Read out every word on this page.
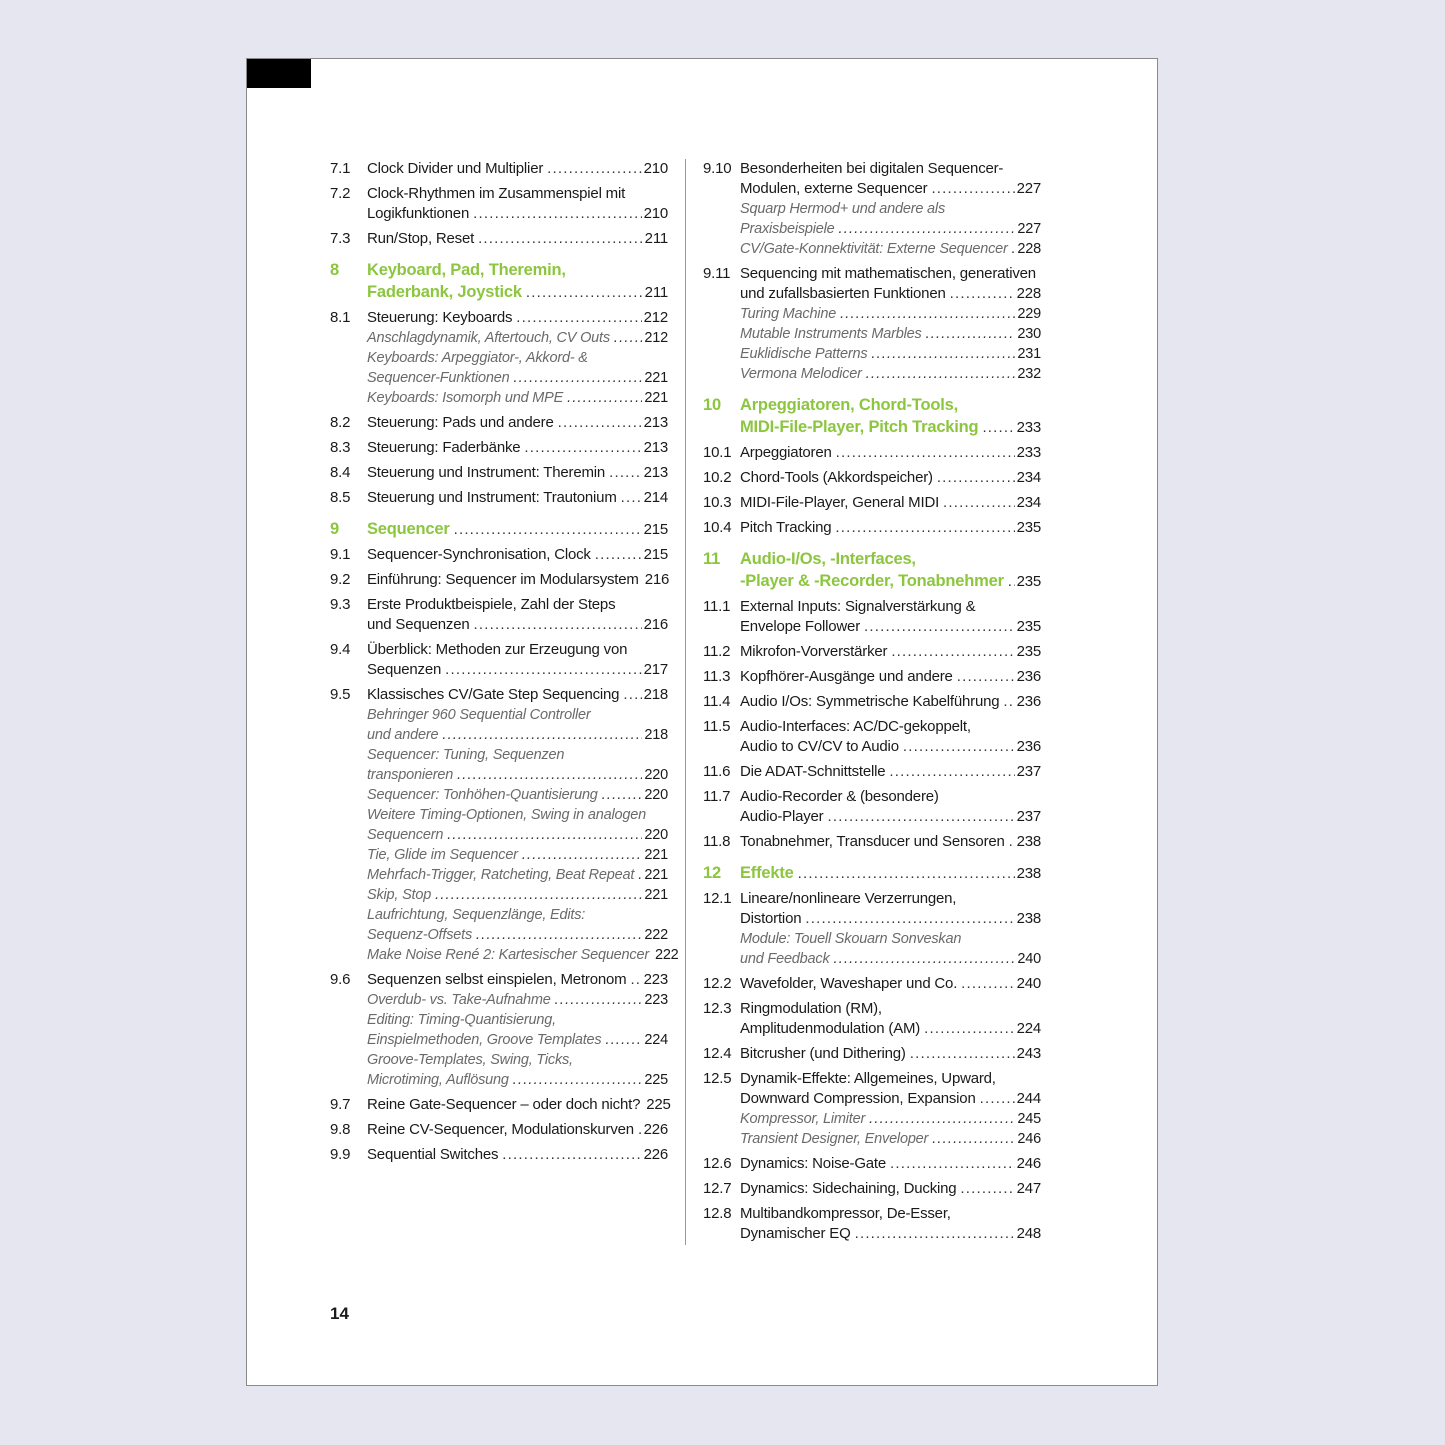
7.1 Clock Divider und Multiplier .....	210
7.2 Clock-Rhythmen im Zusammenspiel mit
Logikfunktionen .....	210
7.3 Run/Stop, Reset .....	211
8 Keyboard, Pad, Theremin,
Faderbank, Joystick .....	211
8.1 Steuerung: Keyboards .....	212
Anschlagdynamik, Aftertouch, CV Outs ..... 212
Keyboards: Arpeggiator-, Akkord- &
Sequencer-Funktionen .....	221
Keyboards: Isomorph und MPE .....	221
8.2 Steuerung: Pads und andere .....	213
8.3 Steuerung: Faderbänke .....	213
8.4 Steuerung und Instrument: Theremin .....	213
8.5 Steuerung und Instrument: Trautonium ..... 214
9 Sequencer .....	215
9.1 Sequencer-Synchronisation, Clock .....	215
9.2 Einführung: Sequencer im Modularsystem 216
9.3 Erste Produktbeispiele, Zahl der Steps
und Sequenzen .....	216
9.4 Überblick: Methoden zur Erzeugung von
Sequenzen .....	217
9.5 Klassisches CV/Gate Step Sequencing ..... 218
Behringer 960 Sequential Controller
und andere .....	218
Sequencer: Tuning, Sequenzen
transponieren .....	220
Sequencer: Tonhöhen-Quantisierung .....	220
Weitere Timing-Optionen, Swing in analogen
Sequencern .....	220
Tie, Glide im Sequencer .....	221
Mehrfach-Trigger, Ratcheting, Beat Repeat ..... 221
Skip, Stop .....	221
Laufrichtung, Sequenzlänge, Edits:
Sequenz-Offsets .....	222
Make Noise René 2: Kartesischer Sequencer 222
9.6 Sequenzen selbst einspielen, Metronom ..... 223
Overdub- vs. Take-Aufnahme .....	223
Editing: Timing-Quantisierung,
Einspielmethoden, Groove Templates .....	224
Groove-Templates, Swing, Ticks,
Microtiming, Auflösung .....	225
9.7 Reine Gate-Sequencer – oder doch nicht? 225
9.8 Reine CV-Sequencer, Modulationskurven ..... 226
9.9 Sequential Switches .....	226
9.10 Besonderheiten bei digitalen Sequencer-
Modulen, externe Sequencer .....	227
Squarp Hermod+ und andere als
Praxisbeispiele .....	227
CV/Gate-Konnektivität: Externe Sequencer ..... 228
9.11 Sequencing mit mathematischen, generativen
und zufallsbasierten Funktionen .....	228
Turing Machine .....	229
Mutable Instruments Marbles .....	230
Euklidische Patterns .....	231
Vermona Melodicer .....	232
10 Arpeggiatoren, Chord-Tools,
MIDI-File-Player, Pitch Tracking .....	233
10.1 Arpeggiatoren .....	233
10.2 Chord-Tools (Akkordspeicher) .....	234
10.3 MIDI-File-Player, General MIDI .....	234
10.4 Pitch Tracking .....	235
11 Audio-I/Os, -Interfaces,
-Player & -Recorder, Tonabnehmer ..... 235
11.1 External Inputs: Signalverstärkung &
Envelope Follower .....	235
11.2 Mikrofon-Vorverstärker .....	235
11.3 Kopfhörer-Ausgänge und andere .....	236
11.4 Audio I/Os: Symmetrische Kabelführung ..... 236
11.5 Audio-Interfaces: AC/DC-gekoppelt,
Audio to CV/CV to Audio .....	236
11.6 Die ADAT-Schnittstelle .....	237
11.7 Audio-Recorder & (besondere)
Audio-Player .....	237
11.8 Tonabnehmer, Transducer und Sensoren ..... 238
12 Effekte .....	238
12.1 Lineare/nonlineare Verzerrungen,
Distortion .....	238
Module: Touell Skouarn Sonveskan
und Feedback .....	240
12.2 Wavefolder, Waveshaper und Co. .....	240
12.3 Ringmodulation (RM),
Amplitudenmodulation (AM) .....	224
12.4 Bitcrusher (und Dithering) .....	243
12.5 Dynamik-Effekte: Allgemeines, Upward,
Downward Compression, Expansion .....	244
Kompressor, Limiter .....	245
Transient Designer, Enveloper .....	246
12.6 Dynamics: Noise-Gate .....	246
12.7 Dynamics: Sidechaining, Ducking .....	247
12.8 Multibandkompressor, De-Esser,
Dynamischer EQ .....	248
14
